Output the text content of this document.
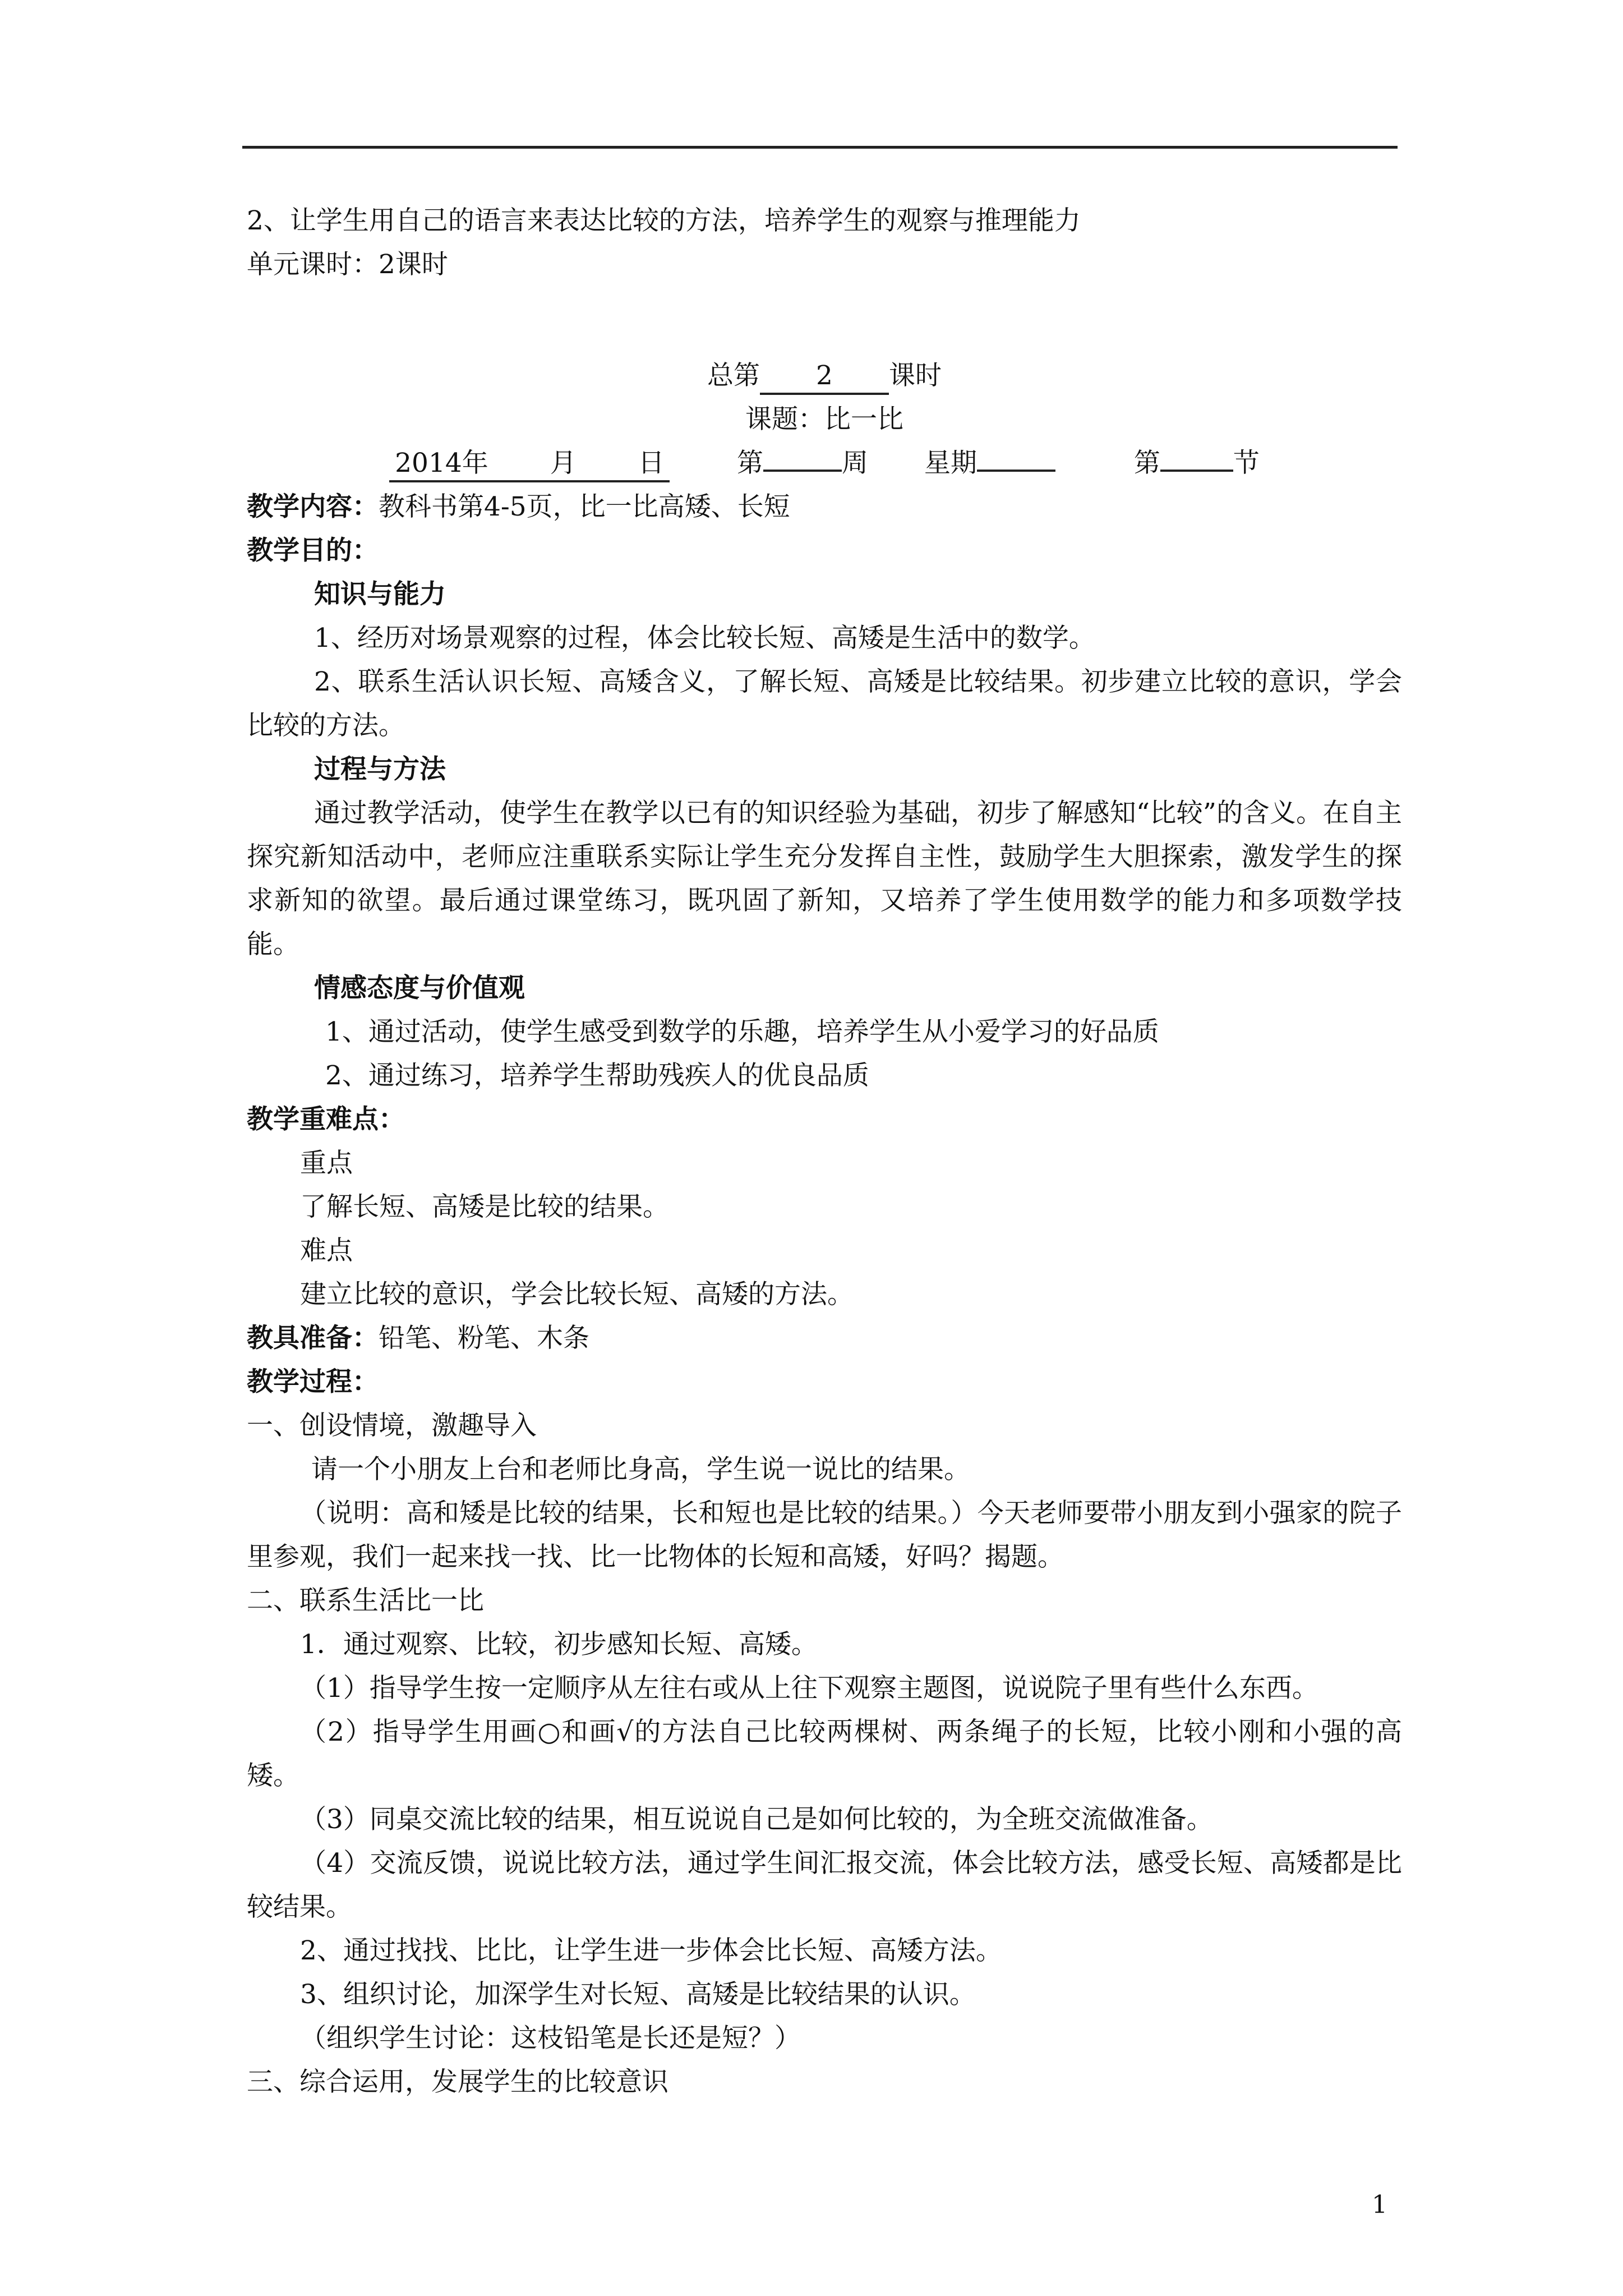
2、让学生用自己的语言来表达比较的方法，培养学生的观察与推理能力
单元课时：2课时
总第 2 课时
课题：比一比
2014年 月 日	第	周 星期	第	节
教学内容：教科书第4-5页，比一比高矮、长短
教学目的：
知识与能力
1、经历对场景观察的过程，体会比较长短、高矮是生活中的数学。
2、联系生活认识长短、高矮含义，了解长短、高矮是比较结果。初步建立比较的意识，学会比较的方法。
过程与方法
通过教学活动，使学生在教学以已有的知识经验为基础，初步了解感知“比较”的含义。在自主探究新知活动中，老师应注重联系实际让学生充分发挥自主性，鼓励学生大胆探索，激发学生的探求新知的欲望。最后通过课堂练习，既巩固了新知，又培养了学生使用数学的能力和多项数学技能。
情感态度与价值观
1、通过活动，使学生感受到数学的乐趣，培养学生从小爱学习的好品质
2、通过练习，培养学生帮助残疾人的优良品质
教学重难点：
重点
了解长短、高矮是比较的结果。
难点
建立比较的意识，学会比较长短、高矮的方法。
教具准备：铅笔、粉笔、木条
教学过程：
一、创设情境，激趣导入
请一个小朋友上台和老师比身高，学生说一说比的结果。
（说明：高和矮是比较的结果，长和短也是比较的结果。）今天老师要带小朋友到小强家的院子里参观，我们一起来找一找、比一比物体的长短和高矮，好吗？揭题。
二、联系生活比一比
1．通过观察、比较，初步感知长短、高矮。
（1）指导学生按一定顺序从左往右或从上往下观察主题图，说说院子里有些什么东西。
（2）指导学生用画○和画√的方法自己比较两棵树、两条绳子的长短，比较小刚和小强的高矮。
（3）同桌交流比较的结果，相互说说自己是如何比较的，为全班交流做准备。
（4）交流反馈，说说比较方法，通过学生间汇报交流，体会比较方法，感受长短、高矮都是比较结果。
2、通过找找、比比，让学生进一步体会比长短、高矮方法。
3、组织讨论，加深学生对长短、高矮是比较结果的认识。
（组织学生讨论：这枝铅笔是长还是短？）
三、综合运用，发展学生的比较意识
1
